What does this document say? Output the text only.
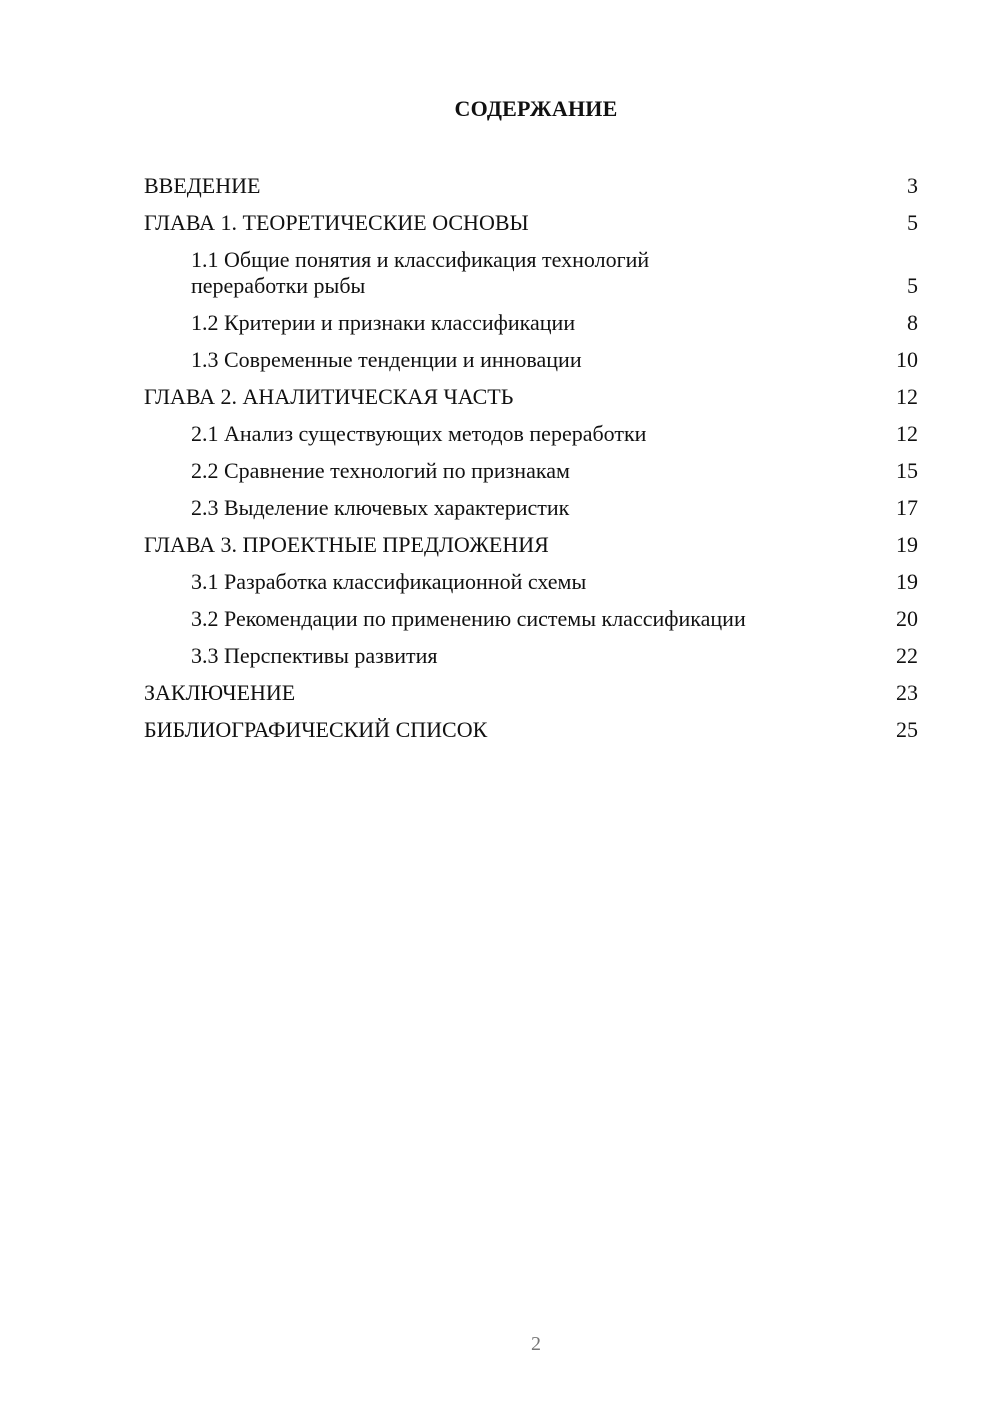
СОДЕРЖАНИЕ
ВВЕДЕНИЕ	3
ГЛАВА 1. ТЕОРЕТИЧЕСКИЕ ОСНОВЫ	5
1.1 Общие понятия и классификация технологий переработки рыбы	5
1.2 Критерии и признаки классификации	8
1.3 Современные тенденции и инновации	10
ГЛАВА 2. АНАЛИТИЧЕСКАЯ ЧАСТЬ	12
2.1 Анализ существующих методов переработки	12
2.2 Сравнение технологий по признакам	15
2.3 Выделение ключевых характеристик	17
ГЛАВА 3. ПРОЕКТНЫЕ ПРЕДЛОЖЕНИЯ	19
3.1 Разработка классификационной схемы	19
3.2 Рекомендации по применению системы классификации	20
3.3 Перспективы развития	22
ЗАКЛЮЧЕНИЕ	23
БИБЛИОГРАФИЧЕСКИЙ СПИСОК	25
2
